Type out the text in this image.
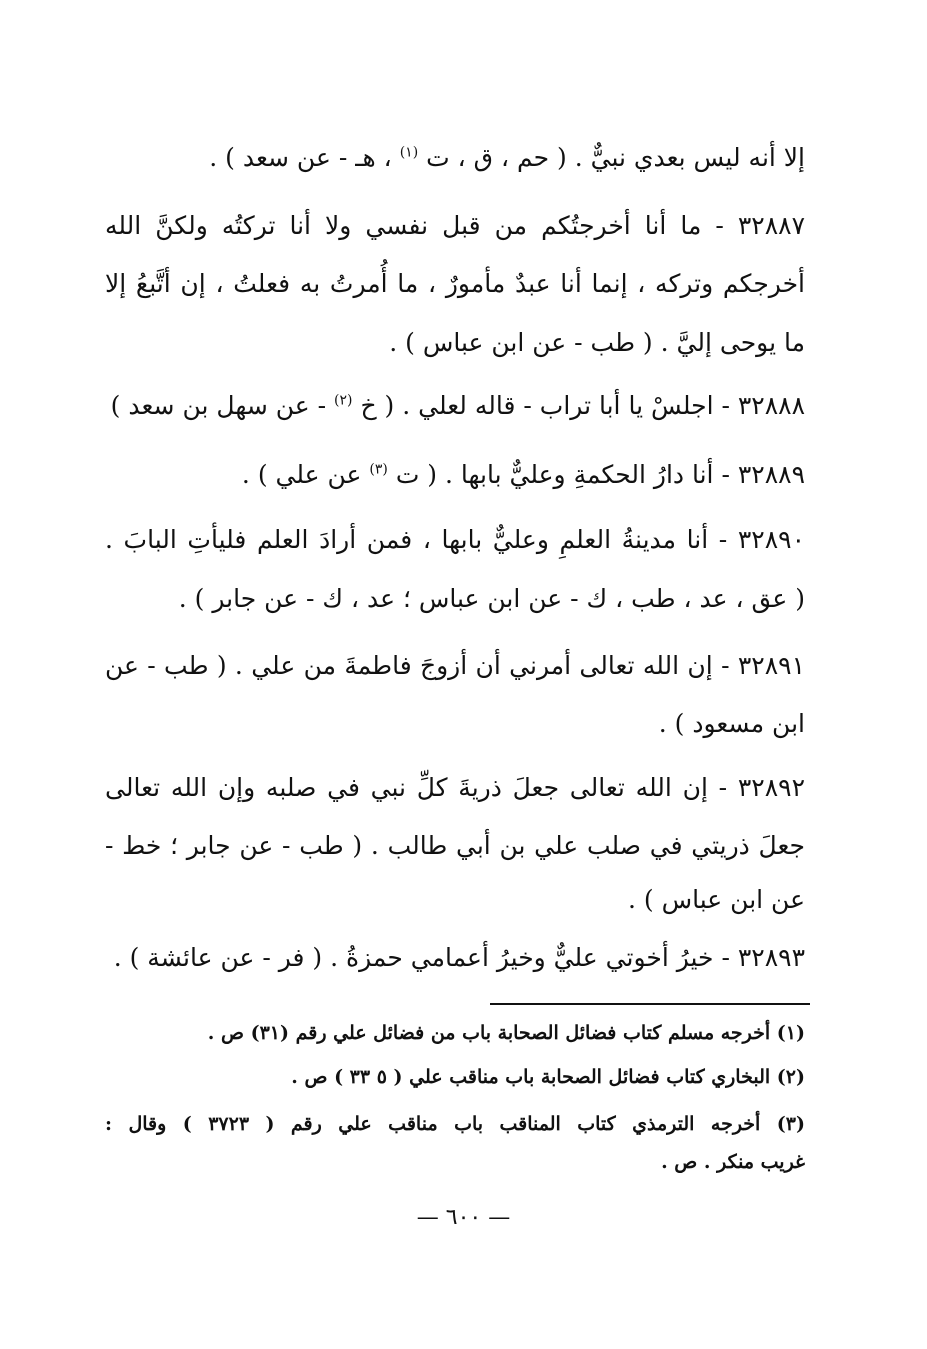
إلا أنه ليس بعدي نبيٌّ . ( حم ، ق ، ت $^{(١)}$ ، هـ - عن سعد ) .
٣٢٨٨٧ - ما أنا أخرجتُكم من قبل نفسي ولا أنا تركتُه ولكنَّ الله
أخرجكم وتركه ، إنما أنا عبدٌ مأمورٌ ، ما أُمرتُ به فعلتُ ، إن أتَّبعُ إلا
ما يوحى إليَّ . ( طب - عن ابن عباس ) .
٣٢٨٨٨ - اجلسْ يا أبا تراب - قاله لعلي . ( خ $^{(٢)}$ - عن سهل بن سعد )
٣٢٨٨٩ - أنا دارُ الحكمةِ وعليٌّ بابها . ( ت $^{(٣)}$ عن علي ) .
٣٢٨٩٠ - أنا مدينةُ العلمِ وعليٌّ بابها ، فمن أرادَ العلم فليأتِ البابَ .
( عق ، عد ، طب ، ك - عن ابن عباس ؛ عد ، ك - عن جابر ) .
٣٢٨٩١ - إن الله تعالى أمرني أن أزوجَ فاطمةَ من علي . ( طب - عن
ابن مسعود ) .
٣٢٨٩٢ - إن الله تعالى جعلَ ذريةَ كلِّ نبي في صلبه وإن الله تعالى
جعلَ ذريتي في صلب علي بن أبي طالب . ( طب - عن جابر ؛ خط -
عن ابن عباس ) .
٣٢٨٩٣ - خيرُ أخوتي عليٌّ وخيرُ أعمامي حمزةُ . ( فر - عن عائشة ) .
(١) أخرجه مسلم كتاب فضائل الصحابة باب من فضائل علي رقم (٣١) ص .
(٢) البخاري كتاب فضائل الصحابة باب مناقب علي ( ٥ ٣٣ ) ص .
(٣) أخرجه الترمذي كتاب المناقب باب مناقب علي رقم ( ٣٧٢٣ ) وقال :
غريب منكر . ص .
— ٦٠٠ —
